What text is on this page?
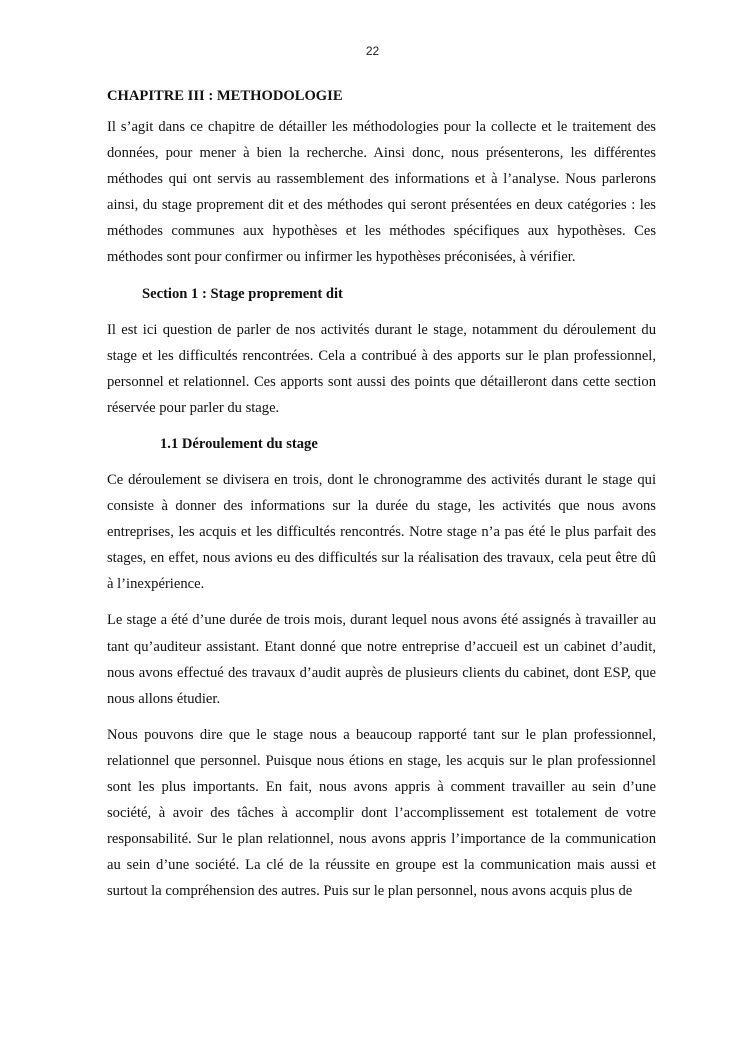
22
CHAPITRE III : METHODOLOGIE

Il s’agit dans ce chapitre de détailler les méthodologies pour la collecte et le traitement des données, pour mener à bien la recherche. Ainsi donc, nous présenterons, les différentes méthodes qui ont servis au rassemblement des informations et à l’analyse. Nous parlerons ainsi, du stage proprement dit et des méthodes qui seront présentées en deux catégories : les méthodes communes aux hypothèses et les méthodes spécifiques aux hypothèses. Ces méthodes sont pour confirmer ou infirmer les hypothèses préconisées, à vérifier.

Section 1 : Stage proprement dit

Il est ici question de parler de nos activités durant le stage, notamment du déroulement du stage et les difficultés rencontrées. Cela a contribué à des apports sur le plan professionnel, personnel et relationnel. Ces apports sont aussi des points que détailleront dans cette section réservée pour parler du stage.

1.1 Déroulement du stage

Ce déroulement se divisera en trois, dont le chronogramme des activités durant le stage qui consiste à donner des informations sur la durée du stage, les activités que nous avons entreprises, les acquis et les difficultés rencontrés. Notre stage n’a pas été le plus parfait des stages, en effet, nous avions eu des difficultés sur la réalisation des travaux, cela peut être dû à l’inexpérience.

Le stage a été d’une durée de trois mois, durant lequel nous avons été assignés à travailler au tant qu’auditeur assistant. Etant donné que notre entreprise d’accueil est un cabinet d’audit, nous avons effectué des travaux d’audit auprès de plusieurs clients du cabinet, dont ESP, que nous allons étudier.

Nous pouvons dire que le stage nous a beaucoup rapporté tant sur le plan professionnel, relationnel que personnel. Puisque nous étions en stage, les acquis sur le plan professionnel sont les plus importants. En fait, nous avons appris à comment travailler au sein d’une société, à avoir des tâches à accomplir dont l’accomplissement est totalement de votre responsabilité. Sur le plan relationnel, nous avons appris l’importance de la communication au sein d’une société. La clé de la réussite en groupe est la communication mais aussi et surtout la compréhension des autres. Puis sur le plan personnel, nous avons acquis plus de
